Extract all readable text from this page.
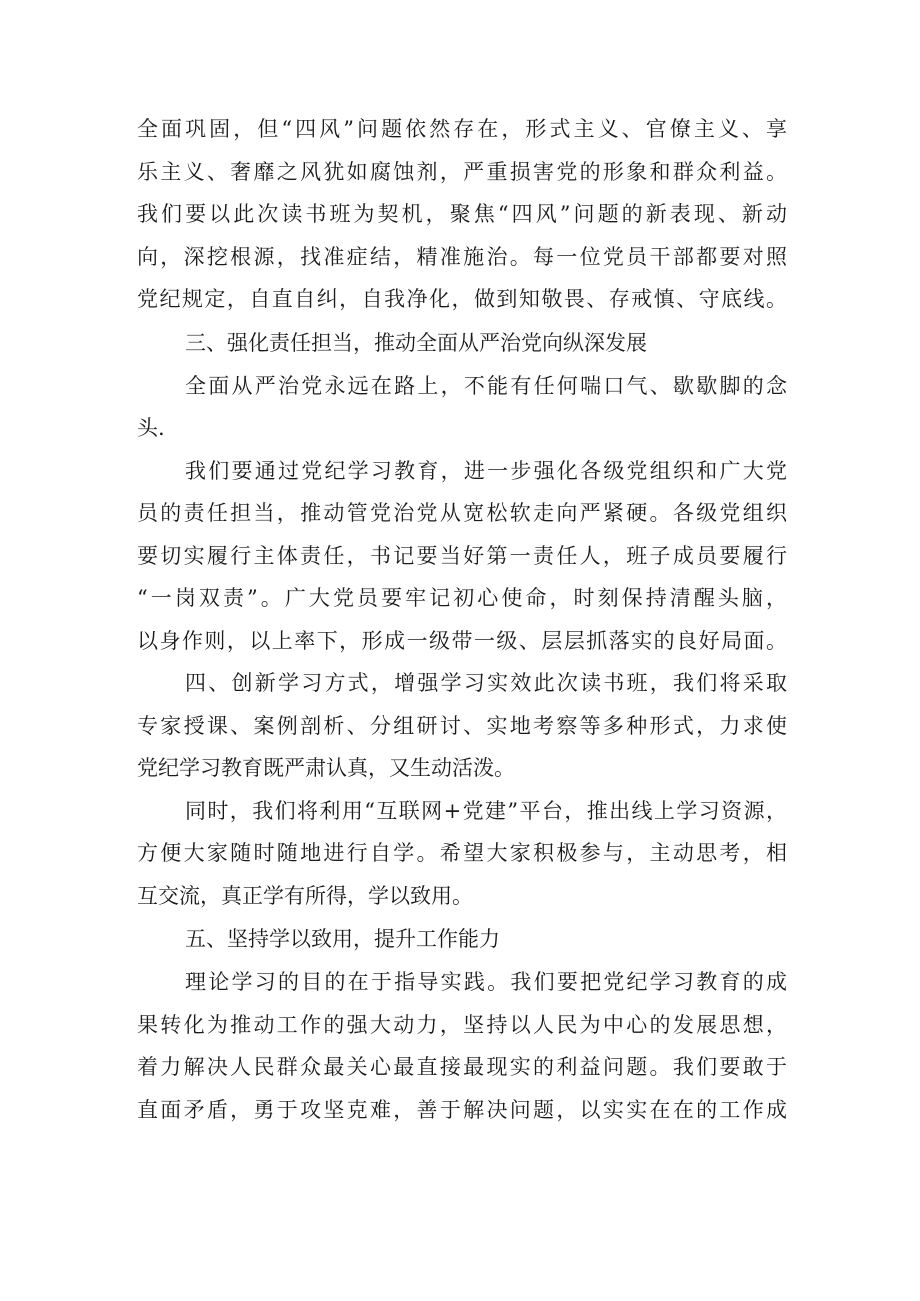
全面巩固，但“四风”问题依然存在，形式主义、官僚主义、享
乐主义、奢靡之风犹如腐蚀剂，严重损害党的形象和群众利益。
我们要以此次读书班为契机，聚焦“四风”问题的新表现、新动
向，深挖根源，找准症结，精准施治。每一位党员干部都要对照
党纪规定，自直自纠，自我净化，做到知敬畏、存戒慎、守底线。
三、强化责任担当，推动全面从严治党向纵深发展
全面从严治党永远在路上，不能有任何喘口气、歇歇脚的念
头.
我们要通过党纪学习教育，进一步强化各级党组织和广大党
员的责任担当，推动管党治党从宽松软走向严紧硬。各级党组织
要切实履行主体责任，书记要当好第一责任人，班子成员要履行
“一岗双责”。广大党员要牢记初心使命，时刻保持清醒头脑，
以身作则，以上率下，形成一级带一级、层层抓落实的良好局面。
四、创新学习方式，增强学习实效此次读书班，我们将采取
专家授课、案例剖析、分组研讨、实地考察等多种形式，力求使
党纪学习教育既严肃认真，又生动活泼。
同时，我们将利用“互联网+党建”平台，推出线上学习资源，
方便大家随时随地进行自学。希望大家积极参与，主动思考，相
互交流，真正学有所得，学以致用。
五、坚持学以致用，提升工作能力
理论学习的目的在于指导实践。我们要把党纪学习教育的成
果转化为推动工作的强大动力，坚持以人民为中心的发展思想，
着力解决人民群众最关心最直接最现实的利益问题。我们要敢于
直面矛盾，勇于攻坚克难，善于解决问题，以实实在在的工作成
